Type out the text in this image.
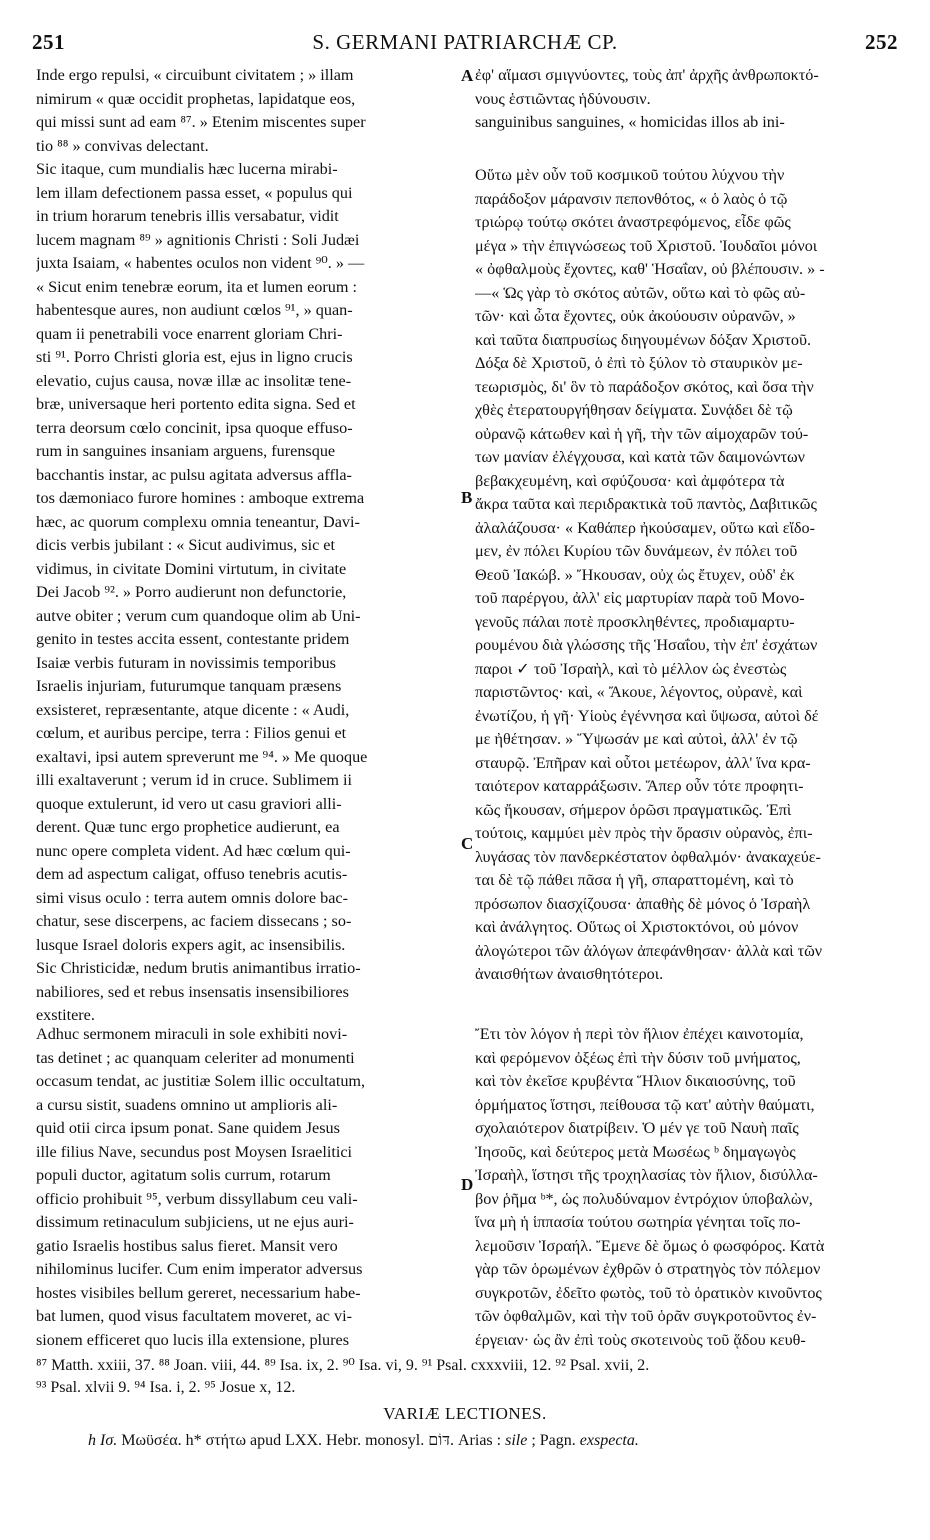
251	S. GERMANI PATRIARCHÆ CP.	252

Inde ergo repulsi, « circuibunt civitatem ; » illam

nimirum « quæ occidit prophetas, lapidatque eos,

qui missi sunt ad eam ⁸⁷. » Etenim miscentes super

tio ⁸⁸ » convivas delectant.

Sic itaque, cum mundialis hæc lucerna mirabi-

lem illam defectionem passa esset, « populus qui

in trium horarum tenebris illis versabatur, vidit

lucem magnam ⁸⁹ » agnitionis Christi : Soli Judæi

juxta Isaiam, « habentes oculos non vident ⁹⁰. » —

« Sicut enim tenebræ eorum, ita et lumen eorum :

habentesque aures, non audiunt cœlos ⁹¹, » quan-

quam ii penetrabili voce enarrent gloriam Chri-

sti ⁹¹. Porro Christi gloria est, ejus in ligno crucis

elevatio, cujus causa, novæ illæ ac insolitæ tene-

bræ, universaque heri portento edita signa. Sed et

terra deorsum cœlo concinit, ipsa quoque effuso-

rum in sanguines insaniam arguens, furensque

bacchantis instar, ac pulsu agitata adversus affla-

tos dæmoniaco furore homines : amboque extrema

hæc, ac quorum complexu omnia teneantur, Davi-

dicis verbis jubilant : « Sicut audivimus, sic et

vidimus, in civitate Domini virtutum, in civitate

Dei Jacob ⁹². » Porro audierunt non defunctorie,

autve obiter ; verum cum quandoque olim ab Uni-

genito in testes accita essent, contestante pridem

Isaiæ verbis futuram in novissimis temporibus

Israelis injuriam, futurumque tanquam præsens

exsisteret, repræsentante, atque dicente : « Audi,

cœlum, et auribus percipe, terra : Filios genui et

exaltavi, ipsi autem spreverunt me ⁹⁴. » Me quoque

illi exaltaverunt ; verum id in cruce. Sublimem ii

quoque extulerunt, id vero ut casu graviori alli-

derent. Quæ tunc ergo prophetice audierunt, ea

nunc opere completa vident. Ad hæc cœlum qui-

dem ad aspectum caligat, offuso tenebris acutis-

simi visus oculo : terra autem omnis dolore bac-

chatur, sese discerpens, ac faciem dissecans ; so-

lusque Israel doloris expers agit, ac insensibilis.

Sic Christicidæ, nedum brutis animantibus irratio-

nabiliores, sed et rebus insensatis insensibiliores

exstitere.

ἐφ' αἵμασι σμιγνύοντες, τοὺς ἀπ' ἀρχῆς ἀνθρωποκτό-

νους ἑστιῶντας ἡδύνουσιν.

sanguinibus sanguines, « homicidas illos ab ini-

Οὕτω μὲν οὖν τοῦ κοσμικοῦ τούτου λύχνου τὴν

παράδοξον μάρανσιν πεπονθότος, « ὁ λαὸς ὁ τῷ

τριώρῳ τούτῳ σκότει ἀναστρεφόμενος, εἶδε φῶς

μέγα » τὴν ἐπιγνώσεως τοῦ Χριστοῦ. Ἰουδαῖοι μόνοι

« ὀφθαλμοὺς ἔχοντες, καθ' Ἡσαΐαν, οὐ βλέπουσιν. » -

—« Ὡς γὰρ τὸ σκότος αὐτῶν, οὕτω καὶ τὸ φῶς αὐ-

τῶν· καὶ ὦτα ἔχοντες, οὐκ ἀκούουσιν οὐρανῶν, »

καὶ ταῦτα διαπρυσίως διηγουμένων δόξαν Χριστοῦ.

Δόξα δὲ Χριστοῦ, ὁ ἐπὶ τὸ ξύλον τὸ σταυρικὸν με-

τεωρισμὸς, δι' ὃν τὸ παράδοξον σκότος, καὶ ὅσα τὴν

χθὲς ἐτερατουργήθησαν δείγματα. Συνᾴδει δὲ τῷ

οὐρανῷ κάτωθεν καὶ ἡ γῆ, τὴν τῶν αἱμοχαρῶν τού-

των μανίαν ἐλέγχουσα, καὶ κατὰ τῶν δαιμονώντων

βεβακχευμένη, καὶ σφύζουσα· καὶ ἀμφότερα τὰ

ἄκρα ταῦτα καὶ περιδρακτικὰ τοῦ παντὸς, Δαβιτικῶς

ἀλαλάζουσα· « Καθάπερ ἠκούσαμεν, οὕτω καὶ εἴδο-

μεν, ἐν πόλει Κυρίου τῶν δυνάμεων, ἐν πόλει τοῦ

Θεοῦ Ἰακώβ. » Ἤκουσαν, οὐχ ὡς ἔτυχεν, οὐδ' ἐκ

τοῦ παρέργου, ἀλλ' εἰς μαρτυρίαν παρὰ τοῦ Μονο-

γενοῦς πάλαι ποτὲ προσκληθέντες, προδιαμαρτυ-

ρουμένου διὰ γλώσσης τῆς Ἡσαΐου, τὴν ἐπ' ἐσχάτων

παροι ✓ τοῦ Ἰσραὴλ, καὶ τὸ μέλλον ὡς ἐνεστὼς

παριστῶντος· καὶ, « Ἄκουε, λέγοντος, οὐρανὲ, καὶ

ἐνωτίζου, ἡ γῆ· Υἱοὺς ἐγέννησα καὶ ὕψωσα, αὐτοὶ δέ

με ἠθέτησαν. » Ὕψωσάν με καὶ αὐτοὶ, ἀλλ' ἐν τῷ

σταυρῷ. Ἐπῆραν καὶ οὗτοι μετέωρον, ἀλλ' ἵνα κρα-

ταιότερον καταρράξωσιν. Ἅπερ οὖν τότε προφητι-

κῶς ἤκουσαν, σήμερον ὁρῶσι πραγματικῶς. Ἐπὶ

τούτοις, καμμύει μὲν πρὸς τὴν ὅρασιν οὐρανὸς, ἐπι-

λυγάσας τὸν πανδερκέστατον ὀφθαλμόν· ἀνακαχεύε-

ται δὲ τῷ πάθει πᾶσα ἡ γῆ, σπαραττομένη, καὶ τὸ

πρόσωπον διασχίζουσα· ἀπαθὴς δὲ μόνος ὁ Ἰσραὴλ

καὶ ἀνάλγητος. Οὕτως οἱ Χριστοκτόνοι, οὐ μόνον

ἀλογώτεροι τῶν ἀλόγων ἀπεφάνθησαν· ἀλλὰ καὶ τῶν

ἀναισθήτων ἀναισθητότεροι.

Adhuc sermonem miraculi in sole exhibiti novi-

tas detinet ; ac quanquam celeriter ad monumenti

occasum tendat, ac justitiæ Solem illic occultatum,

a cursu sistit, suadens omnino ut amplioris ali-

quid otii circa ipsum ponat. Sane quidem Jesus

ille filius Nave, secundus post Moysen Israelitici

populi ductor, agitatum solis currum, rotarum

officio prohibuit ⁹⁵, verbum dissyllabum ceu vali-

dissimum retinaculum subjiciens, ut ne ejus auri-

gatio Israelis hostibus salus fieret. Mansit vero

nihilominus lucifer. Cum enim imperator adversus

hostes visibiles bellum gereret, necessarium habe-

bat lumen, quod visus facultatem moveret, ac vi-

sionem efficeret quo lucis illa extensione, plures

Ἔτι τὸν λόγον ἡ περὶ τὸν ἥλιον ἐπέχει καινοτομία,

καὶ φερόμενον ὀξέως ἐπὶ τὴν δύσιν τοῦ μνήματος,

καὶ τὸν ἐκεῖσε κρυβέντα Ἥλιον δικαιοσύνης, τοῦ

ὁρμήματος ἵστησι, πείθουσα τῷ κατ' αὐτὴν θαύματι,

σχολαιότερον διατρίβειν. Ὁ μέν γε τοῦ Ναυὴ παῖς

Ἰησοῦς, καὶ δεύτερος μετὰ Μωσέως ᵇ δημαγωγὸς

Ἰσραὴλ, ἵστησι τῆς τροχηλασίας τὸν ἥλιον, δισύλλα-

βον ῥῆμα ᵇ*, ὡς πολυδύναμον ἐντρόχιον ὑποβαλὼν,

ἵνα μὴ ἡ ἱππασία τούτου σωτηρία γένηται τοῖς πο-

λεμοῦσιν Ἰσραήλ. Ἔμενε δὲ ὅμως ὁ φωσφόρος. Κατὰ

γὰρ τῶν ὁρωμένων ἐχθρῶν ὁ στρατηγὸς τὸν πόλεμον

συγκροτῶν, ἐδεῖτο φωτὸς, τοῦ τὸ ὁρατικὸν κινοῦντος

τῶν ὀφθαλμῶν, καὶ τὴν τοῦ ὁρᾶν συγκροτοῦντος ἐν-

έργειαν· ὡς ἂν ἐπὶ τοὺς σκοτεινοὺς τοῦ ᾅδου κευθ-

A
B
C
D

⁸⁷ Matth. xxiii, 37. ⁸⁸ Joan. viii, 44. ⁸⁹ Isa. ix, 2. ⁹⁰ Isa. vi, 9. ⁹¹ Psal. cxxxviii, 12. ⁹² Psal. xvii, 2.

⁹³ Psal. xlvii 9. ⁹⁴ Isa. i, 2. ⁹⁵ Josue x, 12.

VARIÆ LECTIONES.
h Ισ. Μωϋσέα. h* στήτω apud LXX. Hebr. monosyl. דּוֹם. Arias : sile ; Pagn. exspecta.
